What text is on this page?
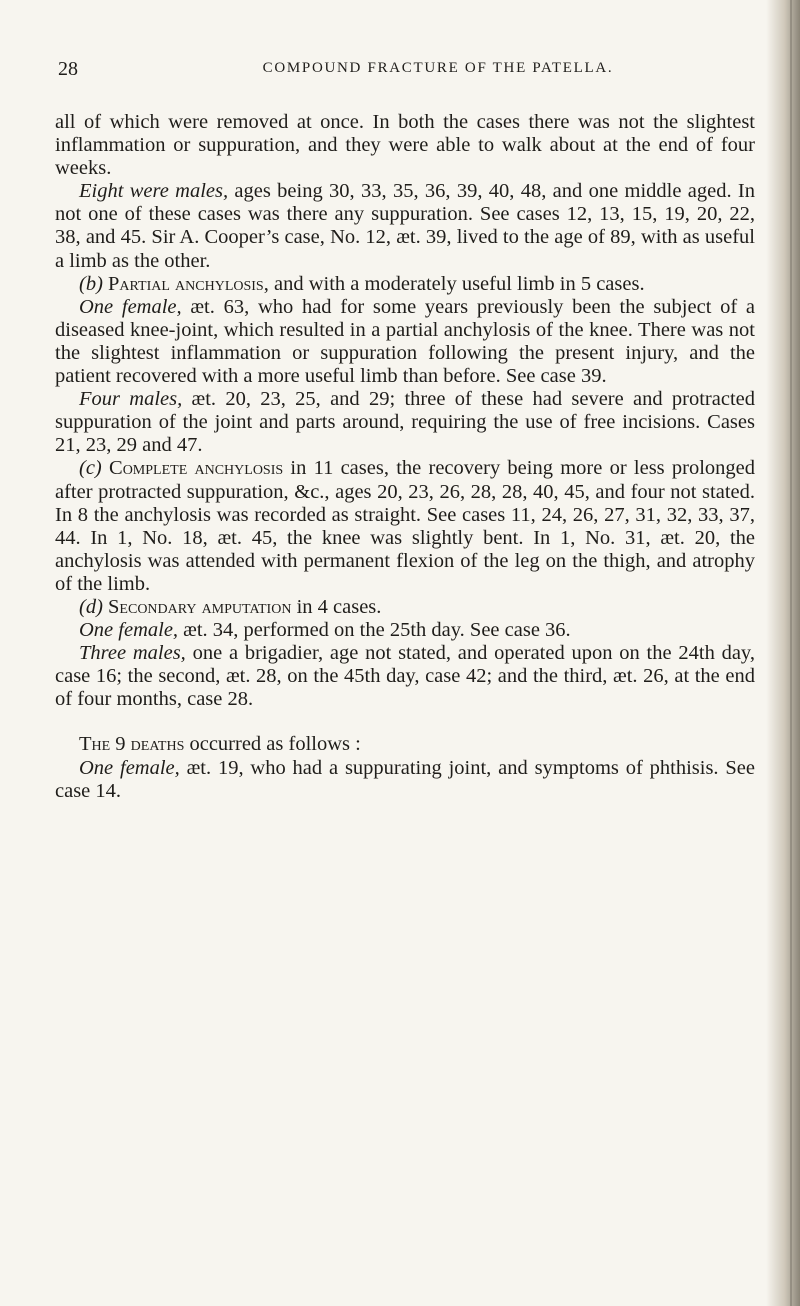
28	COMPOUND FRACTURE OF THE PATELLA.

all of which were removed at once. In both the cases there was not the slightest inflammation or suppuration, and they were able to walk about at the end of four weeks.

Eight were males, ages being 30, 33, 35, 36, 39, 40, 48, and one middle aged. In not one of these cases was there any suppuration. See cases 12, 13, 15, 19, 20, 22, 38, and 45. Sir A. Cooper’s case, No. 12, æt. 39, lived to the age of 89, with as useful a limb as the other.

(b) Partial anchylosis, and with a moderately useful limb in 5 cases.

One female, æt. 63, who had for some years previously been the subject of a diseased knee-joint, which resulted in a partial anchylosis of the knee. There was not the slightest inflammation or suppuration following the present injury, and the patient recovered with a more useful limb than before. See case 39.

Four males, æt. 20, 23, 25, and 29; three of these had severe and protracted suppuration of the joint and parts around, requiring the use of free incisions. Cases 21, 23, 29 and 47.

(c) Complete anchylosis in 11 cases, the recovery being more or less prolonged after protracted suppuration, &c., ages 20, 23, 26, 28, 28, 40, 45, and four not stated. In 8 the anchylosis was recorded as straight. See cases 11, 24, 26, 27, 31, 32, 33, 37, 44. In 1, No. 18, æt. 45, the knee was slightly bent. In 1, No. 31, æt. 20, the anchylosis was attended with permanent flexion of the leg on the thigh, and atrophy of the limb.

(d) Secondary amputation in 4 cases.

One female, æt. 34, performed on the 25th day. See case 36.

Three males, one a brigadier, age not stated, and operated upon on the 24th day, case 16; the second, æt. 28, on the 45th day, case 42; and the third, æt. 26, at the end of four months, case 28.

The 9 deaths occurred as follows :

One female, æt. 19, who had a suppurating joint, and symptoms of phthisis. See case 14.
